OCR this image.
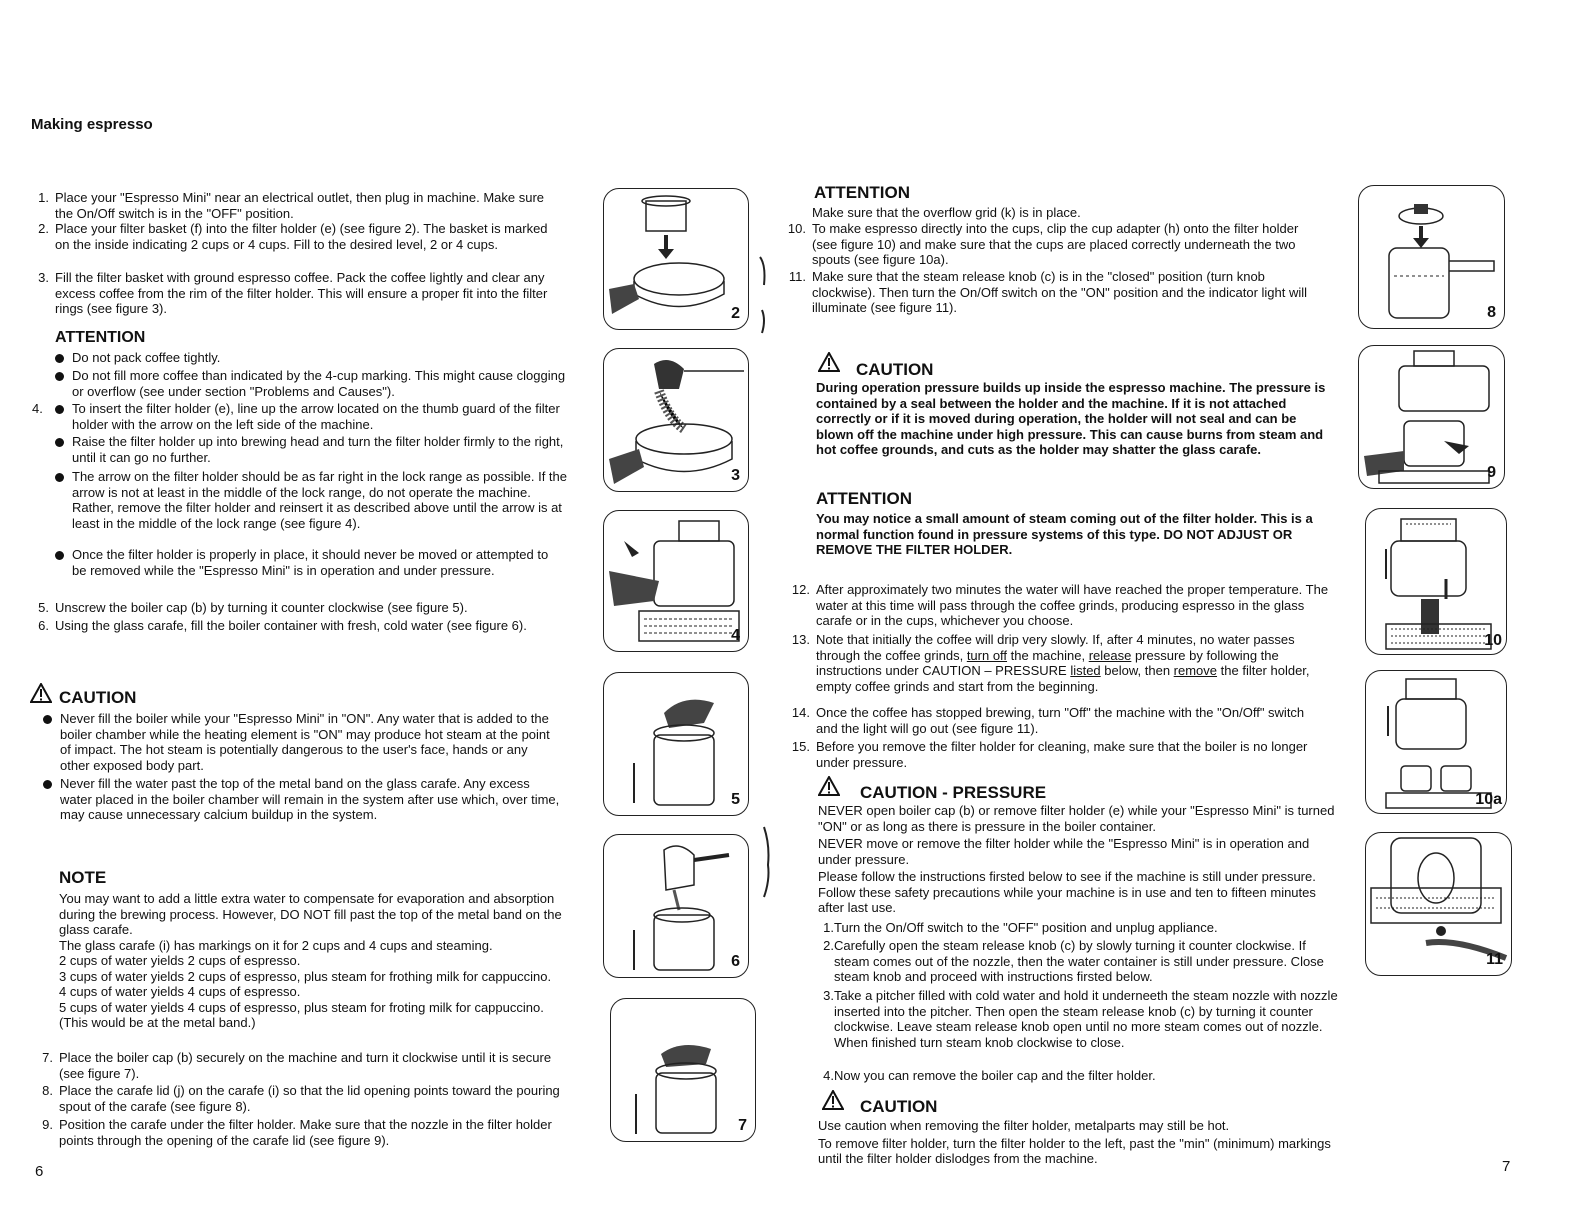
Making espresso
1. Place your "Espresso Mini" near an electrical outlet, then plug in machine. Make sure the On/Off switch is in the "OFF" position.
2. Place your filter basket (f) into the filter holder (e) (see figure 2). The basket is marked on the inside indicating 2 cups or 4 cups. Fill to the desired level, 2 or 4 cups.
3. Fill the filter basket with ground espresso coffee. Pack the coffee lightly and clear any excess coffee from the rim of the filter holder. This will ensure a proper fit into the filter rings (see figure 3).
ATTENTION
Do not pack coffee tightly.
Do not fill more coffee than indicated by the 4-cup marking. This might cause clogging or overflow (see under section "Problems and Causes").
4. To insert the filter holder (e), line up the arrow located on the thumb guard of the filter holder with the arrow on the left side of the machine.
Raise the filter holder up into brewing head and turn the filter holder firmly to the right, until it can go no further.
The arrow on the filter holder should be as far right in the lock range as possible. If the arrow is not at least in the middle of the lock range, do not operate the machine. Rather, remove the filter holder and reinsert it as described above until the arrow is at least in the middle of the lock range (see figure 4).
Once the filter holder is properly in place, it should never be moved or attempted to be removed while the "Espresso Mini" is in operation and under pressure.
5. Unscrew the boiler cap (b) by turning it counter clockwise (see figure 5).
6. Using the glass carafe, fill the boiler container with fresh, cold water (see figure 6).
CAUTION
Never fill the boiler while your "Espresso Mini" in "ON". Any water that is added to the boiler chamber while the heating element is "ON" may produce hot steam at the point of impact. The hot steam is potentially dangerous to the user's face, hands or any other exposed body part.
Never fill the water past the top of the metal band on the glass carafe. Any excess water placed in the boiler chamber will remain in the system after use which, over time, may cause unnecessary calcium buildup in the system.
NOTE
You may want to add a little extra water to compensate for evaporation and absorption during the brewing process. However, DO NOT fill past the top of the metal band on the glass carafe.
The glass carafe (i) has markings on it for 2 cups and 4 cups and steaming.
2 cups of water yields 2 cups of espresso.
3 cups of water yields 2 cups of espresso, plus steam for frothing milk for cappuccino.
4 cups of water yields 4 cups of espresso.
5 cups of water yields 4 cups of espresso, plus steam for froting milk for cappuccino. (This would be at the metal band.)
7. Place the boiler cap (b) securely on the machine and turn it clockwise until it is secure (see figure 7).
8. Place the carafe lid (j) on the carafe (i) so that the lid opening points toward the pouring spout of the carafe (see figure 8).
9. Position the carafe under the filter holder. Make sure that the nozzle in the filter holder points through the opening of the carafe lid (see figure 9).
6
2
3
4
5
6
7
ATTENTION
Make sure that the overflow grid (k) is in place.
10. To make espresso directly into the cups, clip the cup adapter (h) onto the filter holder (see figure 10) and make sure that the cups are placed correctly underneath the two spouts (see figure 10a).
11. Make sure that the steam release knob (c) is in the "closed" position (turn knob clockwise). Then turn the On/Off switch on the "ON" position and the indicator light will illuminate (see figure 11).
CAUTION
During operation pressure builds up inside the espresso machine. The pressure is contained by a seal between the holder and the machine. If it is not attached correctly or if it is moved during operation, the holder will not seal and can be blown off the machine under high pressure. This can cause burns from steam and hot coffee grounds, and cuts as the holder may shatter the glass carafe.
ATTENTION
You may notice a small amount of steam coming out of the filter holder. This is a normal function found in pressure systems of this type. DO NOT ADJUST OR REMOVE THE FILTER HOLDER.
12. After approximately two minutes the water will have reached the proper temperature. The water at this time will pass through the coffee grinds, producing espresso in the glass carafe or in the cups, whichever you choose.
13. Note that initially the coffee will drip very slowly. If, after 4 minutes, no water passes through the coffee grinds, turn off the machine, release pressure by following the instructions under CAUTION – PRESSURE listed below, then remove the filter holder, empty coffee grinds and start from the beginning.
14. Once the coffee has stopped brewing, turn "Off" the machine with the "On/Off" switch and the light will go out (see figure 11).
15. Before you remove the filter holder for cleaning, make sure that the boiler is no longer under pressure.
CAUTION - PRESSURE
NEVER open boiler cap (b) or remove filter holder (e) while your "Espresso Mini" is turned "ON" or as long as there is pressure in the boiler container.
NEVER move or remove the filter holder while the "Espresso Mini" is in operation and under pressure.
Please follow the instructions firsted below to see if the machine is still under pressure. Follow these safety precautions while your machine is in use and ten to fifteen minutes after last use.
1. Turn the On/Off switch to the "OFF" position and unplug appliance.
2. Carefully open the steam release knob (c) by slowly turning it counter clockwise. If steam comes out of the nozzle, then the water container is still under pressure. Close steam knob and proceed with instructions firsted below.
3. Take a pitcher filled with cold water and hold it underneeth the steam nozzle with nozzle inserted into the pitcher. Then open the steam release knob (c) by turning it counter clockwise. Leave steam release knob open until no more steam comes out of nozzle. When finished turn steam knob clockwise to close.
4. Now you can remove the boiler cap and the filter holder.
CAUTION
Use caution when removing the filter holder, metalparts may still be hot.
To remove filter holder, turn the filter holder to the left, past the "min" (minimum) markings until the filter holder dislodges from the machine.	7
8
9
10
10a
11
